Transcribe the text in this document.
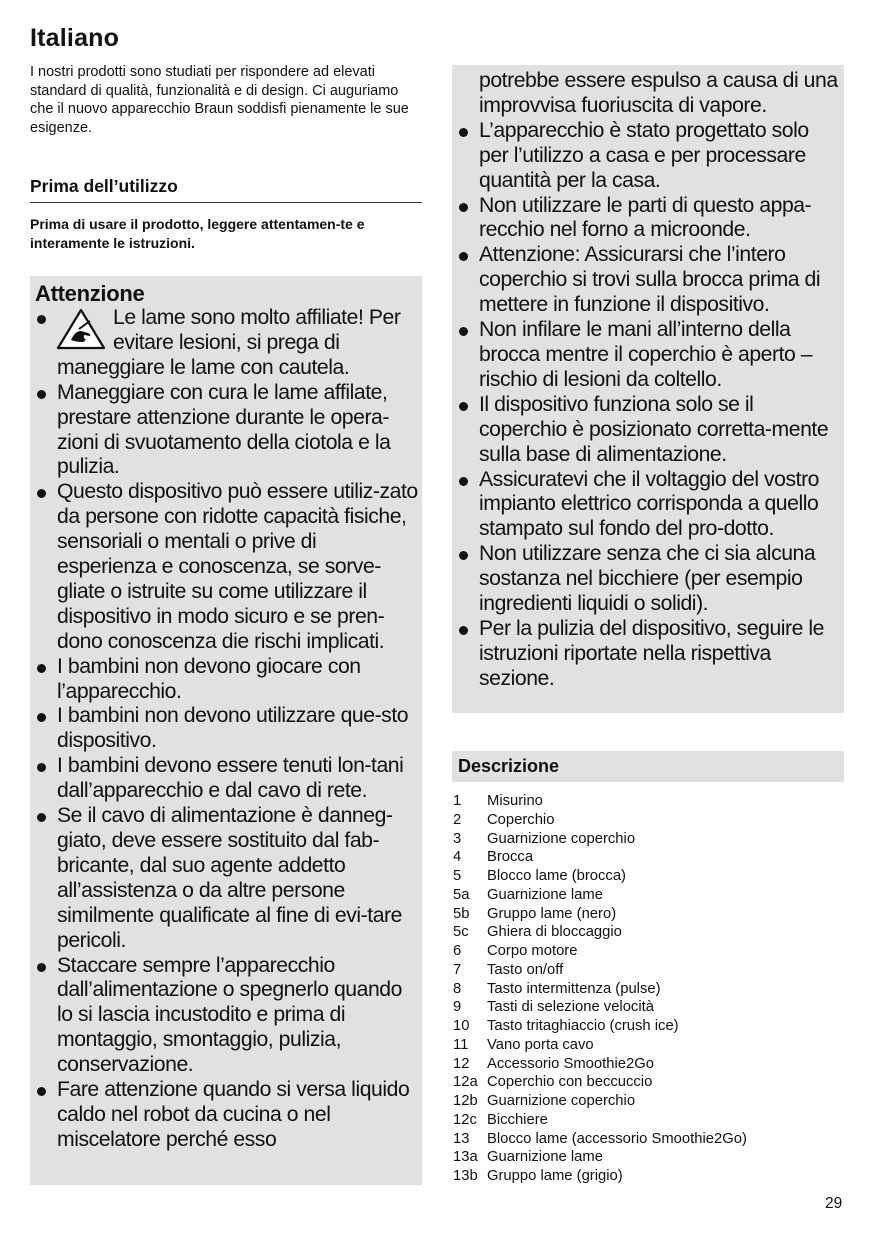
Italiano
I nostri prodotti sono studiati per rispondere ad elevati standard di qualità, funzionalità e di design. Ci auguriamo che il nuovo apparecchio Braun soddisfi pienamente le sue esigenze.
Prima dell’utilizzo
Prima di usare il prodotto, leggere attentamen-te e interamente le istruzioni.
Attenzione
Le lame sono molto affiliate! Per evitare lesioni, si prega di
maneggiare le lame con cautela.
Maneggiare con cura le lame affilate, prestare attenzione durante le opera-zioni di svuotamento della ciotola e la pulizia.
Questo dispositivo può essere utiliz-zato da persone con ridotte capacità fisiche, sensoriali o mentali o prive di esperienza e conoscenza, se sorve-gliate o istruite su come utilizzare il dispositivo in modo sicuro e se pren-dono conoscenza die rischi implicati.
I bambini non devono giocare con l’apparecchio.
I bambini non devono utilizzare que-sto dispositivo.
I bambini devono essere tenuti lon-tani dall’apparecchio e dal cavo di rete.
Se il cavo di alimentazione è danneg-giato, deve essere sostituito dal fab-bricante, dal suo agente addetto all’assistenza o da altre persone similmente qualificate al fine di evi-tare pericoli.
Staccare sempre l’apparecchio dall’alimentazione o spegnerlo quando lo si lascia incustodito e prima di montaggio, smontaggio, pulizia, conservazione.
Fare attenzione quando si versa liquido caldo nel robot da cucina o nel miscelatore perché esso
potrebbe essere espulso a causa di una improvvisa fuoriuscita di vapore.
L’apparecchio è stato progettato solo per l’utilizzo a casa e per processare quantità per la casa.
Non utilizzare le parti di questo appa-recchio nel forno a microonde.
Attenzione: Assicurarsi che l’intero coperchio si trovi sulla brocca prima di mettere in funzione il dispositivo.
Non infilare le mani all’interno della brocca mentre il coperchio è aperto – rischio di lesioni da coltello.
Il dispositivo funziona solo se il coperchio è posizionato corretta-mente sulla base di alimentazione.
Assicuratevi che il voltaggio del vostro impianto elettrico corrisponda a quello stampato sul fondo del pro-dotto.
Non utilizzare senza che ci sia alcuna sostanza nel bicchiere (per esempio ingredienti liquidi o solidi).
Per la pulizia del dispositivo, seguire le istruzioni riportate nella rispettiva sezione.
Descrizione
1	Misurino
2	Coperchio
3	Guarnizione coperchio
4	Brocca
5	Blocco lame (brocca)
5a	Guarnizione lame
5b	Gruppo lame (nero)
5c	Ghiera di bloccaggio
6	Corpo motore
7	Tasto on/off
8	Tasto intermittenza (pulse)
9	Tasti di selezione velocità
10	Tasto tritaghiaccio (crush ice)
11	Vano porta cavo
12	Accessorio Smoothie2Go
12a Coperchio con beccuccio
12b Guarnizione coperchio
12c Bicchiere
13	Blocco lame (accessorio Smoothie2Go)
13a Guarnizione lame
13b Gruppo lame (grigio)
29
